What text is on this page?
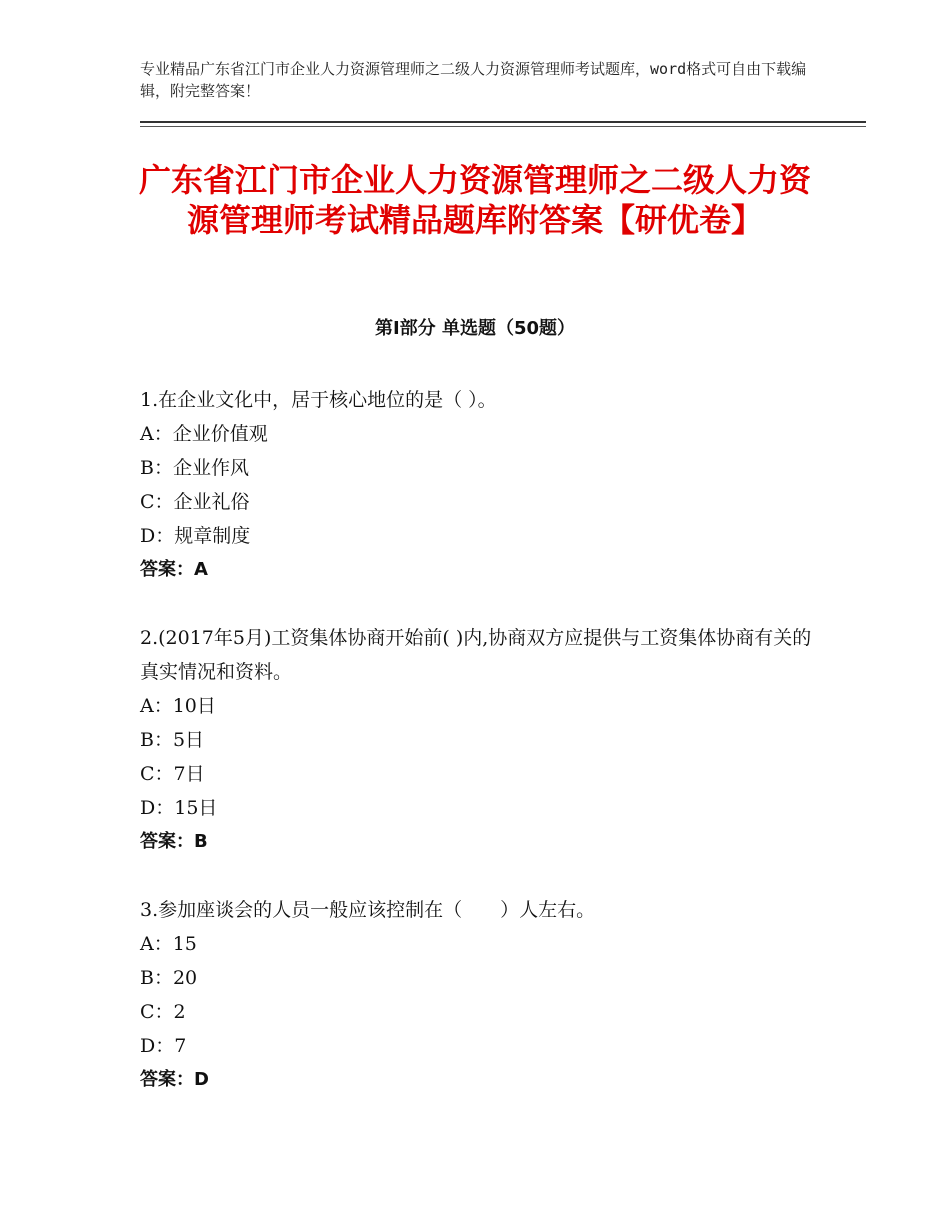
专业精品广东省江门市企业人力资源管理师之二级人力资源管理师考试题库，word格式可自由下载编辑，附完整答案！
广东省江门市企业人力资源管理师之二级人力资源管理师考试精品题库附答案【研优卷】
第Ⅰ部分 单选题（50题）

1.在企业文化中，居于核心地位的是（ ）。

A：企业价值观

B：企业作风

C：企业礼俗

D：规章制度

答案：A

2.(2017年5月)工资集体协商开始前( )内,协商双方应提供与工资集体协商有关的真实情况和资料。

A：10日

B：5日

C：7日

D：15日

答案：B

3.参加座谈会的人员一般应该控制在（　　）人左右。

A：15

B：20

C：2

D：7

答案：D
